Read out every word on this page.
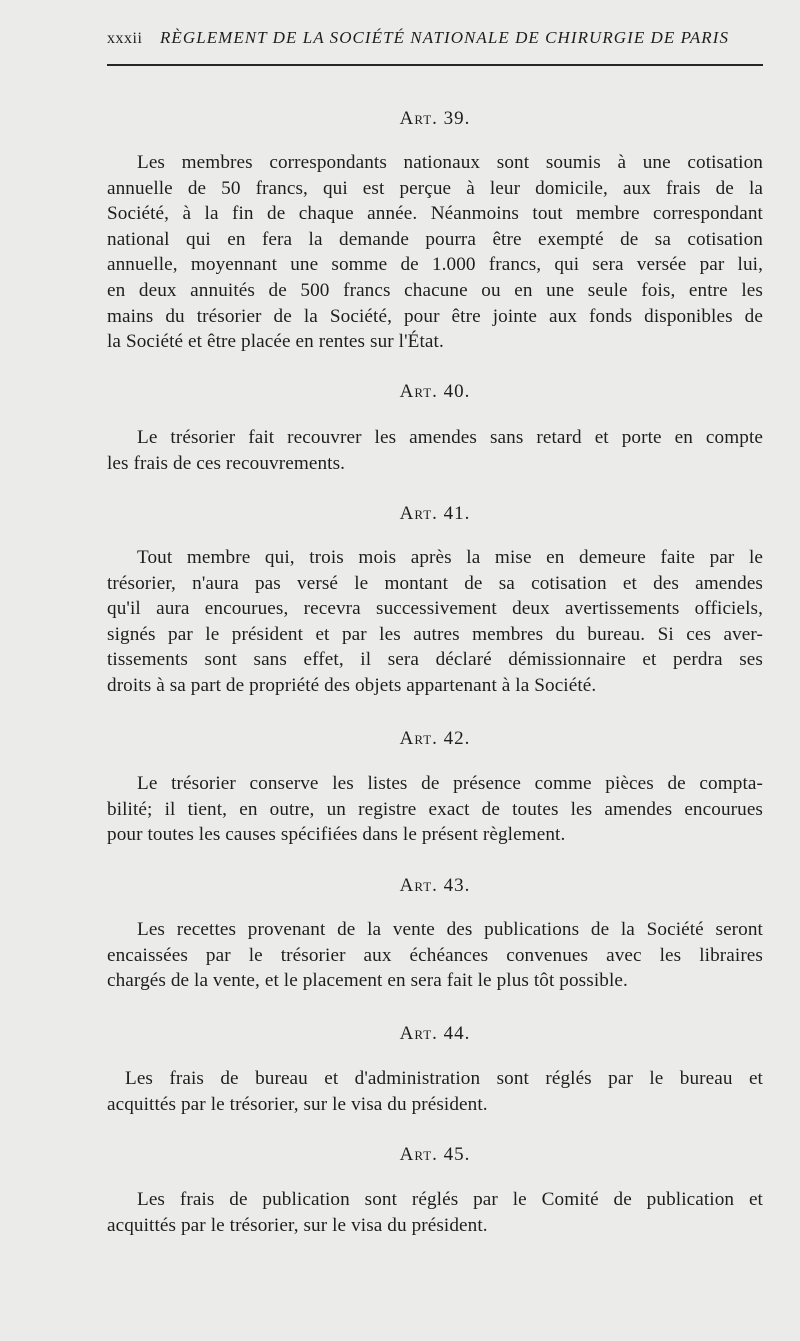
xxxii RÈGLEMENT DE LA SOCIÉTÉ NATIONALE DE CHIRURGIE DE PARIS
Art. 39.
Les membres correspondants nationaux sont soumis à une cotisation
annuelle de 50 francs, qui est perçue à leur domicile, aux frais de la
Société, à la fin de chaque année. Néanmoins tout membre correspondant
national qui en fera la demande pourra être exempté de sa cotisation
annuelle, moyennant une somme de 1.000 francs, qui sera versée par lui,
en deux annuités de 500 francs chacune ou en une seule fois, entre les
mains du trésorier de la Société, pour être jointe aux fonds disponibles de
la Société et être placée en rentes sur l'État.
Art. 40.
Le trésorier fait recouvrer les amendes sans retard et porte en compte
les frais de ces recouvrements.
Art. 41.
Tout membre qui, trois mois après la mise en demeure faite par le
trésorier, n'aura pas versé le montant de sa cotisation et des amendes
qu'il aura encourues, recevra successivement deux avertissements officiels,
signés par le président et par les autres membres du bureau. Si ces aver-
tissements sont sans effet, il sera déclaré démissionnaire et perdra ses
droits à sa part de propriété des objets appartenant à la Société.
Art. 42.
Le trésorier conserve les listes de présence comme pièces de compta-
bilité; il tient, en outre, un registre exact de toutes les amendes encourues
pour toutes les causes spécifiées dans le présent règlement.
Art. 43.
Les recettes provenant de la vente des publications de la Société seront
encaissées par le trésorier aux échéances convenues avec les libraires
chargés de la vente, et le placement en sera fait le plus tôt possible.
Art. 44.
Les frais de bureau et d'administration sont réglés par le bureau et
acquittés par le trésorier, sur le visa du président.
Art. 45.
Les frais de publication sont réglés par le Comité de publication et
acquittés par le trésorier, sur le visa du président.
